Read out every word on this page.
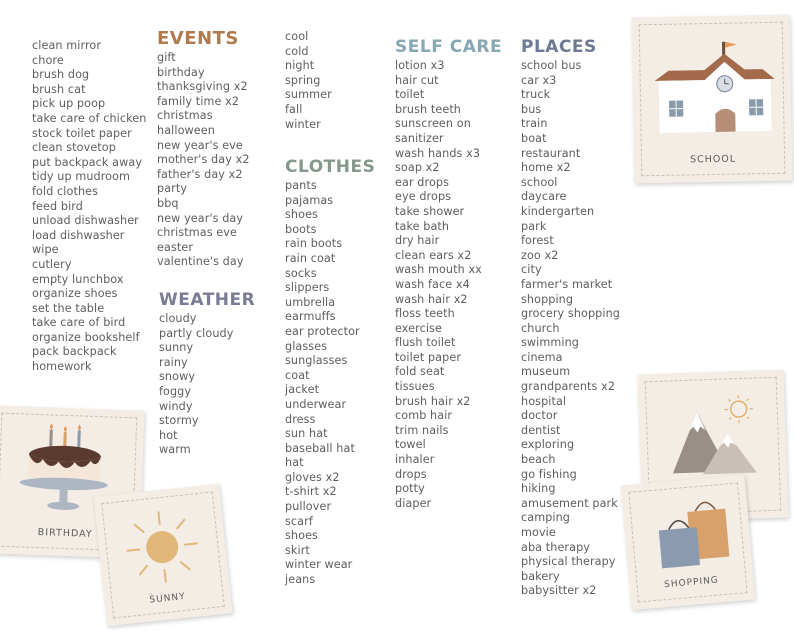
clean mirror
chore
brush dog
brush cat
pick up poop
take care of chicken
stock toilet paper
clean stovetop
put backpack away
tidy up mudroom
fold clothes
feed bird
unload dishwasher
load dishwasher
wipe
cutlery
empty lunchbox
organize shoes
set the table
take care of bird
organize bookshelf
pack backpack
homework
EVENTS
gift
birthday
thanksgiving x2
family time x2
christmas
halloween
new year's eve
mother's day x2
father's day x2
party
bbq
new year's day
christmas eve
easter
valentine's day
WEATHER
cloudy
partly cloudy
sunny
rainy
snowy
foggy
windy
stormy
hot
warm
cool
cold
night
spring
summer
fall
winter
CLOTHES
pants
pajamas
shoes
boots
rain boots
rain coat
socks
slippers
umbrella
earmuffs
ear protector
glasses
sunglasses
coat
jacket
underwear
dress
sun hat
baseball hat
hat
gloves x2
t-shirt x2
pullover
scarf
shoes
skirt
winter wear
jeans
SELF CARE
lotion x3
hair cut
toilet
brush teeth
sunscreen on
sanitizer
wash hands x3
soap x2
ear drops
eye drops
take shower
take bath
dry hair
clean ears x2
wash mouth xx
wash face x4
wash hair x2
floss teeth
exercise
flush toilet
toilet paper
fold seat
tissues
brush hair x2
comb hair
trim nails
towel
inhaler
drops
potty
diaper
PLACES
school bus
car x3
truck
bus
train
boat
restaurant
home x2
school
daycare
kindergarten
park
forest
zoo x2
city
farmer's market
shopping
grocery shopping
church
swimming
cinema
museum
grandparents x2
hospital
doctor
dentist
exploring
beach
go fishing
hiking
amusement park
camping
movie
aba therapy
physical therapy
bakery
babysitter x2
SCHOOL
SHOPPING
BIRTHDAY
SUNNY
